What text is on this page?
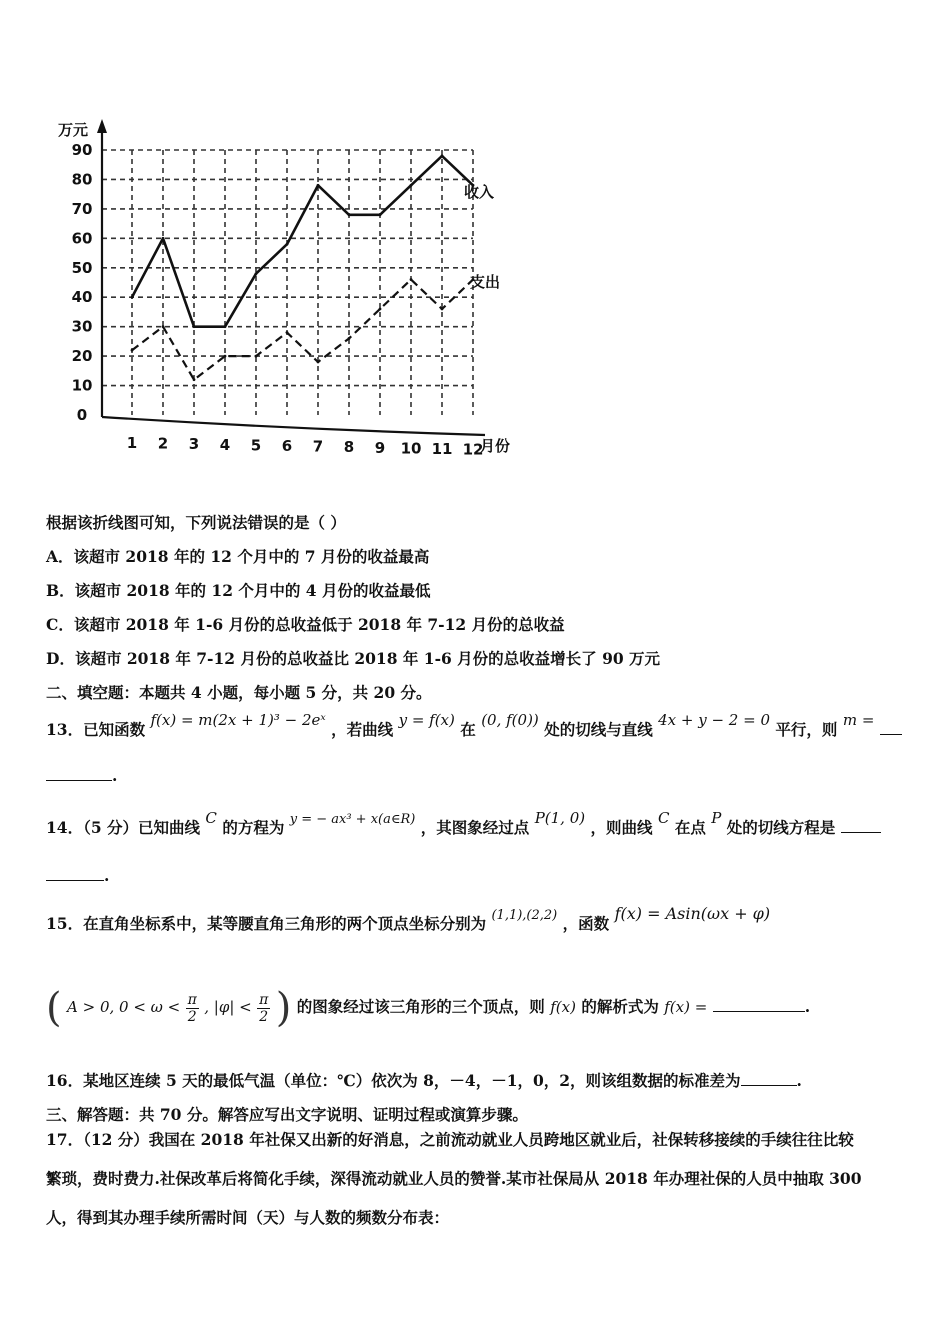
0
10
20
30
40
50
60
70
80
90
1 2 3 4 5 6 7 8 9 10 11 12
万元
月份
收入
支出
根据该折线图可知，下列说法错误的是（ ）
A．该超市 2018 年的 12 个月中的 7 月份的收益最高
B．该超市 2018 年的 12 个月中的 4 月份的收益最低
C．该超市 2018 年 1-6 月份的总收益低于 2018 年 7-12 月份的总收益
D．该超市 2018 年 7-12 月份的总收益比 2018 年 1-6 月份的总收益增长了 90 万元
二、填空题：本题共 4 小题，每小题 5 分，共 20 分。
13．已知函数 f(x) = m(2x + 1)³ − 2eˣ ，若曲线 y = f(x) 在 (0, f(0)) 处的切线与直线 4x + y − 2 = 0 平行，则 m =
.
14．（5 分）已知曲线 C 的方程为 $^{y = - ax^3 + x(a\in R)}$ ，其图象经过点 P(1, 0) ，则曲线 C 在点 P 处的切线方程是
.
15．在直角坐标系中，某等腰直角三角形的两个顶点坐标分别为 $^{(1,1),(2,2)}$ ，函数 f(x) = Asin(ωx + φ)
( A > 0, $0 < \omega < \frac{\pi}{2}$ , $|\varphi| < \frac{\pi}{2}$ ) 的图象经过该三角形的三个顶点，则 f(x) 的解析式为 f(x) =	.
16．某地区连续 5 天的最低气温（单位：℃）依次为 8，－4，－1，0，2，则该组数据的标准差为	.
三、解答题：共 70 分。解答应写出文字说明、证明过程或演算步骤。
17．（12 分）我国在 2018 年社保又出新的好消息，之前流动就业人员跨地区就业后，社保转移接续的手续往往比较
繁琐，费时费力.社保改革后将简化手续，深得流动就业人员的赞誉.某市社保局从 2018 年办理社保的人员中抽取 300
人，得到其办理手续所需时间（天）与人数的频数分布表：
